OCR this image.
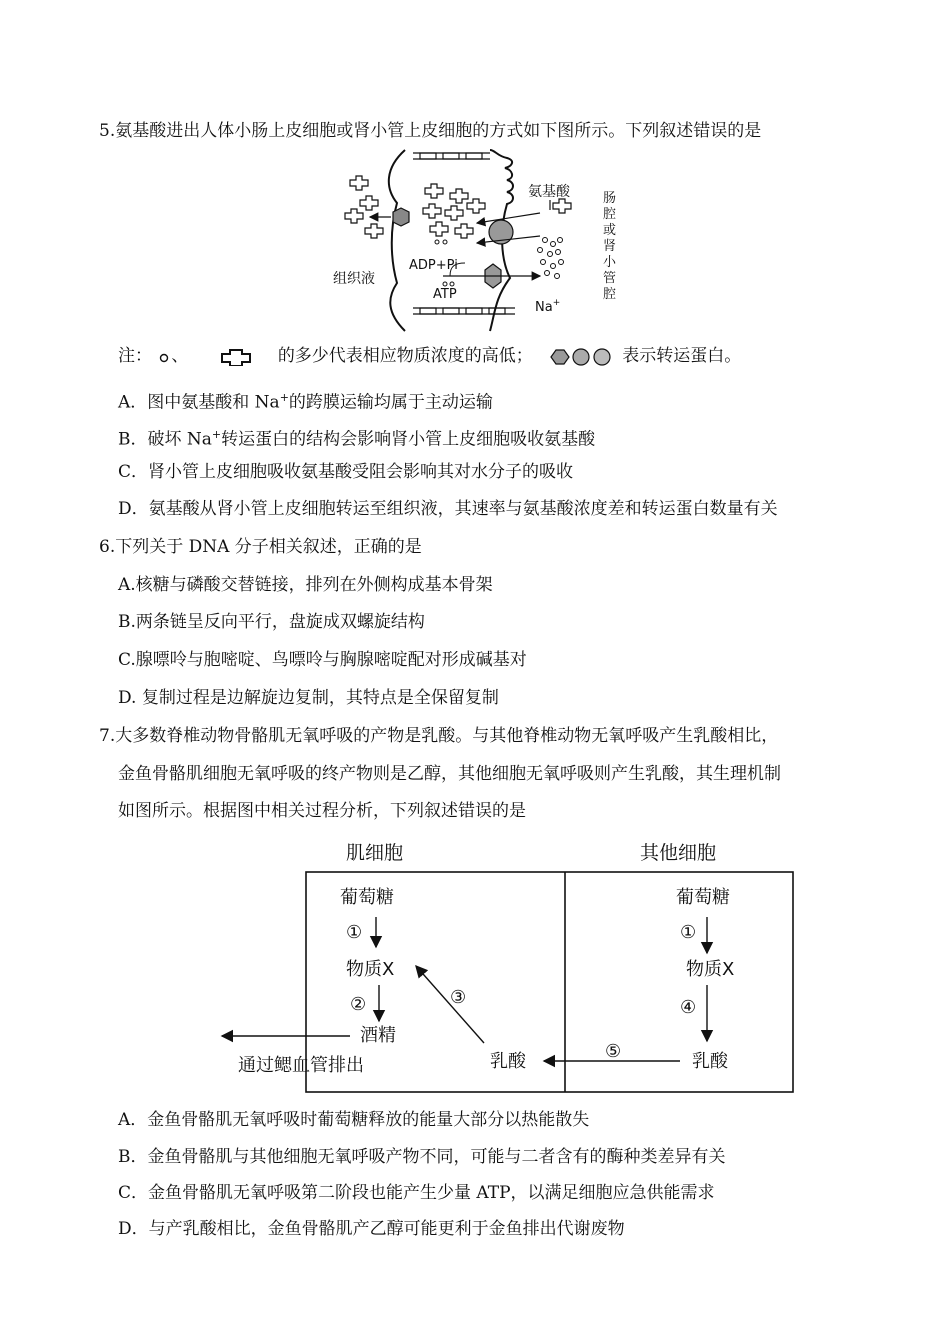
5.氨基酸进出人体小肠上皮细胞或肾小管上皮细胞的方式如下图所示。下列叙述错误的是
氨基酸	肠
腔
或
肾
小
管
腔
组织液
ADP+Pi
ATP
Na+
注： 、	的多少代表相应物质浓度的高低；	表示转运蛋白。
A．图中氨基酸和 Na+的跨膜运输均属于主动运输
B．破坏 Na+转运蛋白的结构会影响肾小管上皮细胞吸收氨基酸
C．肾小管上皮细胞吸收氨基酸受阻会影响其对水分子的吸收
D．氨基酸从肾小管上皮细胞转运至组织液，其速率与氨基酸浓度差和转运蛋白数量有关
6.下列关于 DNA 分子相关叙述，正确的是
A.核糖与磷酸交替链接，排列在外侧构成基本骨架
B.两条链呈反向平行，盘旋成双螺旋结构
C.腺嘌呤与胞嘧啶、鸟嘌呤与胸腺嘧啶配对形成碱基对
D. 复制过程是边解旋边复制，其特点是全保留复制
7.大多数脊椎动物骨骼肌无氧呼吸的产物是乳酸。与其他脊椎动物无氧呼吸产生乳酸相比，
金鱼骨骼肌细胞无氧呼吸的终产物则是乙醇，其他细胞无氧呼吸则产生乳酸，其生理机制
如图所示。根据图中相关过程分析，下列叙述错误的是
肌细胞	其他细胞
葡萄糖
①
物质X
②
酒精
通过鳃血管排出
③
乳酸
葡萄糖
①
物质X
④
乳酸
⑤
A．金鱼骨骼肌无氧呼吸时葡萄糖释放的能量大部分以热能散失
B．金鱼骨骼肌与其他细胞无氧呼吸产物不同，可能与二者含有的酶种类差异有关
C．金鱼骨骼肌无氧呼吸第二阶段也能产生少量 ATP，以满足细胞应急供能需求
D．与产乳酸相比，金鱼骨骼肌产乙醇可能更利于金鱼排出代谢废物
